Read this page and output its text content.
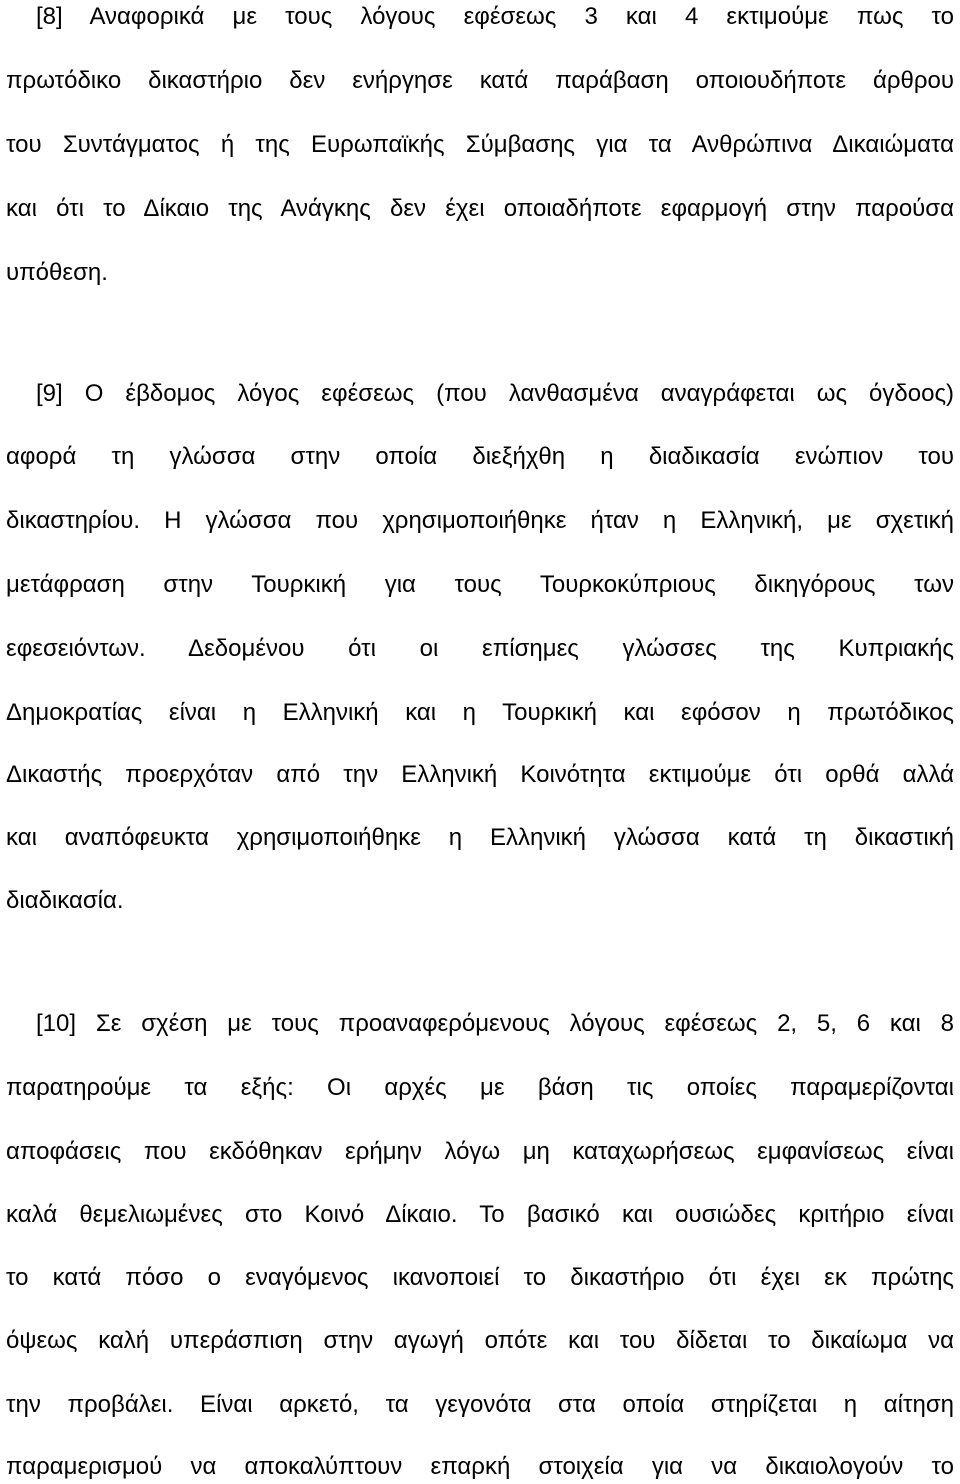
[8] Αναφορικά με τους λόγους εφέσεως 3 και 4 εκτιμούμε πως το
πρωτόδικο δικαστήριο δεν ενήργησε κατά παράβαση οποιουδήποτε άρθρου
του Συντάγματος ή της Ευρωπαϊκής Σύμβασης για τα Ανθρώπινα Δικαιώματα
και ότι το Δίκαιο της Ανάγκης δεν έχει οποιαδήποτε εφαρμογή στην παρούσα
υπόθεση.
[9] Ο έβδομος λόγος εφέσεως (που λανθασμένα αναγράφεται ως όγδοος)
αφορά τη γλώσσα στην οποία διεξήχθη η διαδικασία ενώπιον του
δικαστηρίου. Η γλώσσα που χρησιμοποιήθηκε ήταν η Ελληνική, με σχετική
μετάφραση στην Τουρκική για τους Τουρκοκύπριους δικηγόρους των
εφεσειόντων. Δεδομένου ότι οι επίσημες γλώσσες της Κυπριακής
Δημοκρατίας είναι η Ελληνική και η Τουρκική και εφόσον η πρωτόδικος
Δικαστής προερχόταν από την Ελληνική Κοινότητα εκτιμούμε ότι ορθά αλλά
και αναπόφευκτα χρησιμοποιήθηκε η Ελληνική γλώσσα κατά τη δικαστική
διαδικασία.
[10] Σε σχέση με τους προαναφερόμενους λόγους εφέσεως 2, 5, 6 και 8
παρατηρούμε τα εξής: Οι αρχές με βάση τις οποίες παραμερίζονται
αποφάσεις που εκδόθηκαν ερήμην λόγω μη καταχωρήσεως εμφανίσεως είναι
καλά θεμελιωμένες στο Κοινό Δίκαιο. Το βασικό και ουσιώδες κριτήριο είναι
το κατά πόσο ο εναγόμενος ικανοποιεί το δικαστήριο ότι έχει εκ πρώτης
όψεως καλή υπεράσπιση στην αγωγή οπότε και του δίδεται το δικαίωμα να
την προβάλει. Είναι αρκετό, τα γεγονότα στα οποία στηρίζεται η αίτηση
παραμερισμού να αποκαλύπτουν επαρκή στοιχεία για να δικαιολογούν το
